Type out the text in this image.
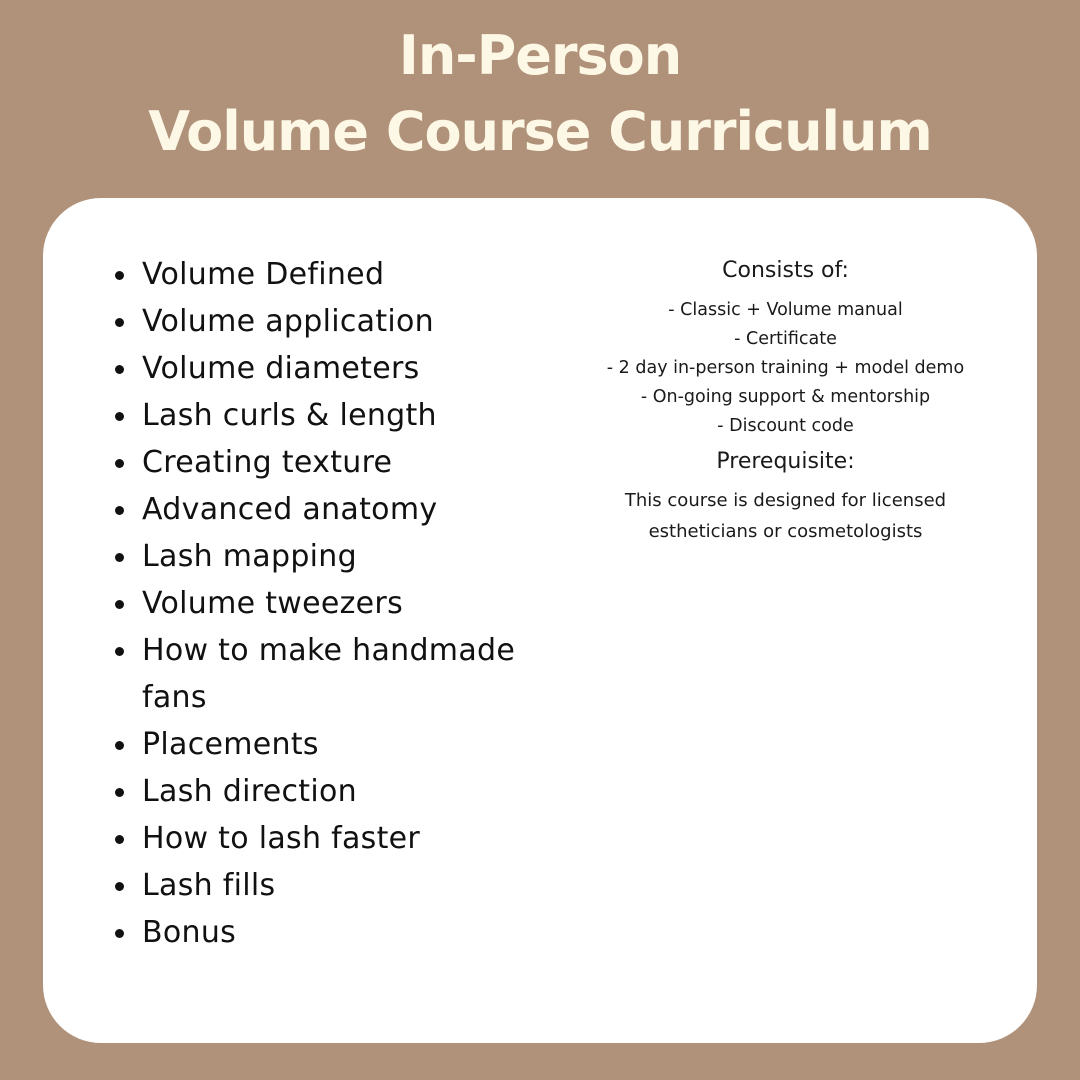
In-Person
Volume Course Curriculum
Volume Defined
Volume application
Volume diameters
Lash curls & length
Creating texture
Advanced anatomy
Lash mapping
Volume tweezers
How to make handmade fans
Placements
Lash direction
How to lash faster
Lash fills
Bonus

Consists of:

- Classic + Volume manual
- Certificate
- 2 day in-person training + model demo
- On-going support & mentorship
- Discount code

Prerequisite:

This course is designed for licensed estheticians or cosmetologists
